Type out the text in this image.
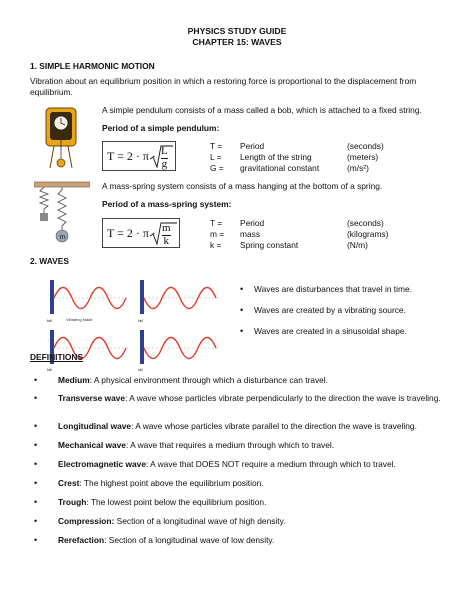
PHYSICS STUDY GUIDE
CHAPTER 15: WAVES
1. SIMPLE HARMONIC MOTION
Vibration about an equilibrium position in which a restoring force is proportional to the displacement from equilibrium.
A simple pendulum consists of a mass called a bob, which is attached to a fixed string.
Period of a simple pendulum:
$T = 2 \cdot \pi \cdot \frac{L}{g}$	T = Period	(seconds)
L = Length of the string	(meters)
G = gravitational constant	(m/s²)
m
A mass-spring system consists of a mass hanging at the bottom of a spring.
Period of a mass-spring system:
$T = 2 \cdot \pi \cdot \frac{m}{k}$	T = Period	(seconds)
m = mass	(kilograms)
k = Spring constant	(N/m)
2. WAVES
fall	Vibrating blade	fall
fall	fall
• Waves are disturbances that travel in time.
• Waves are created by a vibrating source.
• Waves are created in a sinusoidal shape.
DEFINITIONS
• Medium: A physical environment through which a disturbance can travel.
• Transverse wave: A wave whose particles vibrate perpendicularly to the direction the wave is traveling.
• Longitudinal wave: A wave whose particles vibrate parallel to the direction the wave is traveling.
• Mechanical wave: A wave that requires a medium through which to travel.
• Electromagnetic wave: A wave that DOES NOT require a medium through which to travel.
• Crest: The highest point above the equilibrium position.
• Trough: The lowest point below the equilibrium position.
• Compression: Section of a longitudinal wave of high density.
• Rerefaction: Section of a longitudinal wave of low density.
